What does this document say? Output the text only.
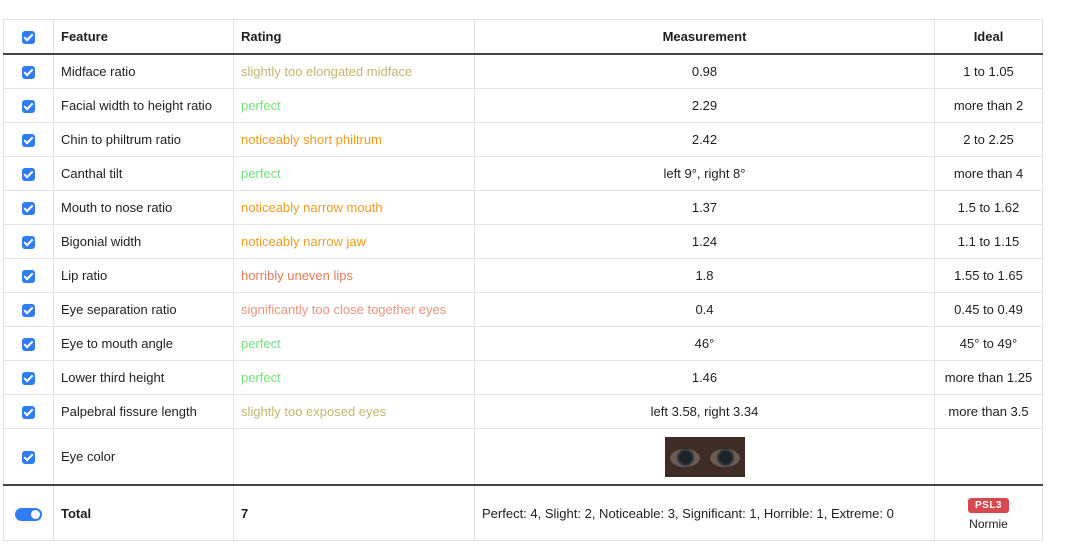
	Feature	Rating	Measurement	Ideal
	Midface ratio	slightly too elongated midface	0.98	1 to 1.05
	Facial width to height ratio	perfect	2.29	more than 2
	Chin to philtrum ratio	noticeably short philtrum	2.42	2 to 2.25
	Canthal tilt	perfect	left 9°, right 8°	more than 4
	Mouth to nose ratio	noticeably narrow mouth	1.37	1.5 to 1.62
	Bigonial width	noticeably narrow jaw	1.24	1.1 to 1.15
	Lip ratio	horribly uneven lips	1.8	1.55 to 1.65
	Eye separation ratio	significantly too close together eyes	0.4	0.45 to 0.49
	Eye to mouth angle	perfect	46°	45° to 49°
	Lower third height	perfect	1.46	more than 1.25
	Palpebral fissure length	slightly too exposed eyes	left 3.58, right 3.34	more than 3.5
	Eye color			
	Total	7	Perfect: 4, Slight: 2, Noticeable: 3, Significant: 1, Horrible: 1, Extreme: 0	PSL3
Normie
